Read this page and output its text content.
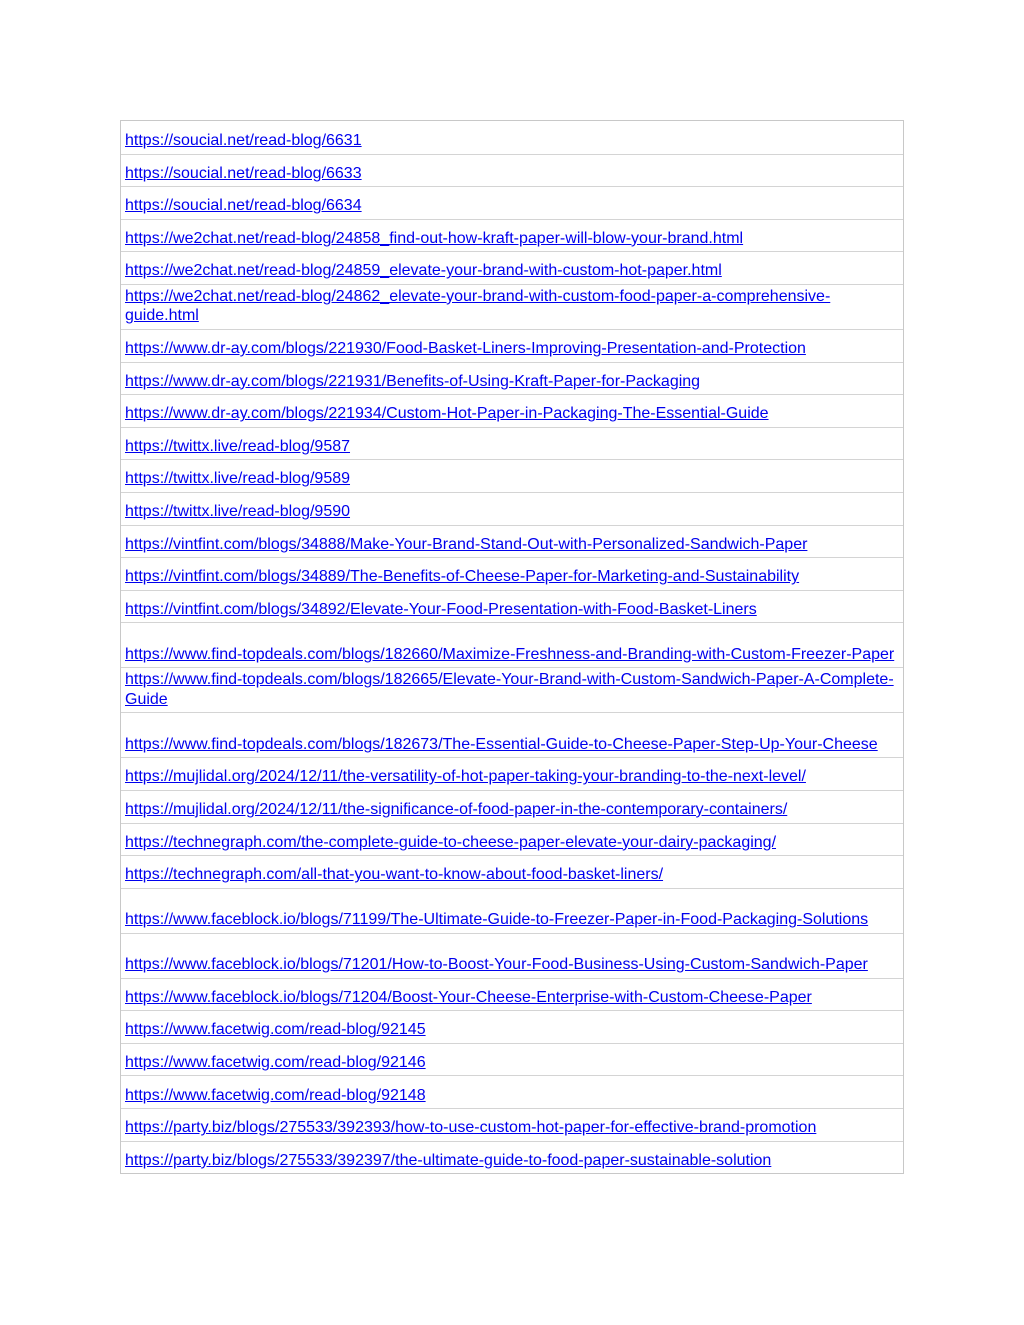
https://soucial.net/read-blog/6631
https://soucial.net/read-blog/6633
https://soucial.net/read-blog/6634
https://we2chat.net/read-blog/24858_find-out-how-kraft-paper-will-blow-your-brand.html
https://we2chat.net/read-blog/24859_elevate-your-brand-with-custom-hot-paper.html
https://we2chat.net/read-blog/24862_elevate-your-brand-with-custom-food-paper-a-comprehensive-guide.html
https://www.dr-ay.com/blogs/221930/Food-Basket-Liners-Improving-Presentation-and-Protection
https://www.dr-ay.com/blogs/221931/Benefits-of-Using-Kraft-Paper-for-Packaging
https://www.dr-ay.com/blogs/221934/Custom-Hot-Paper-in-Packaging-The-Essential-Guide
https://twittx.live/read-blog/9587
https://twittx.live/read-blog/9589
https://twittx.live/read-blog/9590
https://vintfint.com/blogs/34888/Make-Your-Brand-Stand-Out-with-Personalized-Sandwich-Paper
https://vintfint.com/blogs/34889/The-Benefits-of-Cheese-Paper-for-Marketing-and-Sustainability
https://vintfint.com/blogs/34892/Elevate-Your-Food-Presentation-with-Food-Basket-Liners
https://www.find-topdeals.com/blogs/182660/Maximize-Freshness-and-Branding-with-Custom-Freezer-Paper
https://www.find-topdeals.com/blogs/182665/Elevate-Your-Brand-with-Custom-Sandwich-Paper-A-Complete-Guide
https://www.find-topdeals.com/blogs/182673/The-Essential-Guide-to-Cheese-Paper-Step-Up-Your-Cheese
https://mujlidal.org/2024/12/11/the-versatility-of-hot-paper-taking-your-branding-to-the-next-level/
https://mujlidal.org/2024/12/11/the-significance-of-food-paper-in-the-contemporary-containers/
https://technegraph.com/the-complete-guide-to-cheese-paper-elevate-your-dairy-packaging/
https://technegraph.com/all-that-you-want-to-know-about-food-basket-liners/
https://www.faceblock.io/blogs/71199/The-Ultimate-Guide-to-Freezer-Paper-in-Food-Packaging-Solutions
https://www.faceblock.io/blogs/71201/How-to-Boost-Your-Food-Business-Using-Custom-Sandwich-Paper
https://www.faceblock.io/blogs/71204/Boost-Your-Cheese-Enterprise-with-Custom-Cheese-Paper
https://www.facetwig.com/read-blog/92145
https://www.facetwig.com/read-blog/92146
https://www.facetwig.com/read-blog/92148
https://party.biz/blogs/275533/392393/how-to-use-custom-hot-paper-for-effective-brand-promotion
https://party.biz/blogs/275533/392397/the-ultimate-guide-to-food-paper-sustainable-solution
